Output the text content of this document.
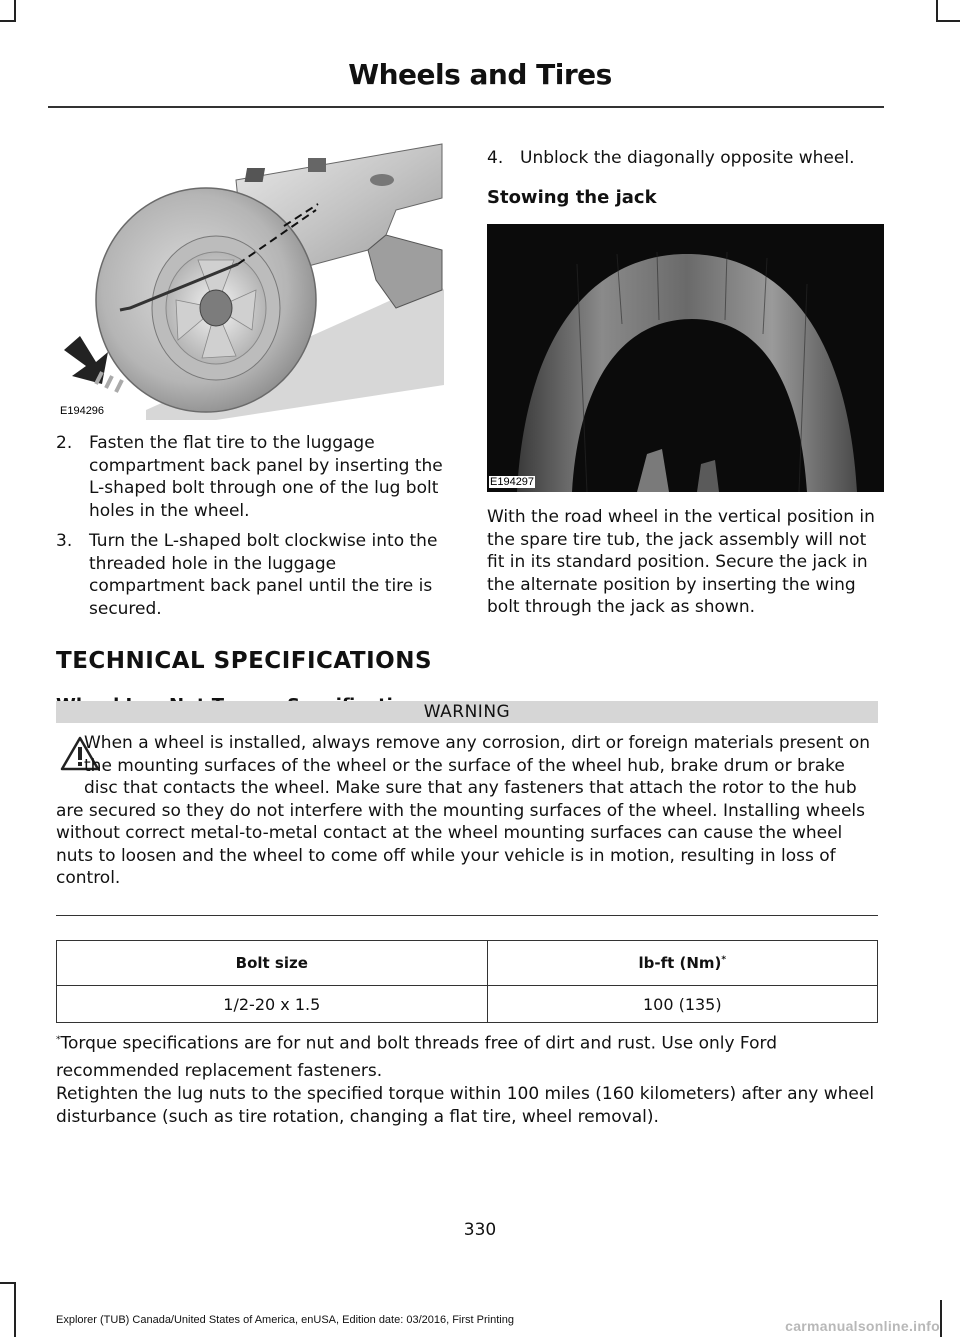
Wheels and Tires
E194296
2. Fasten the flat tire to the luggage compartment back panel by inserting the L-shaped bolt through one of the lug bolt holes in the wheel.
3. Turn the L-shaped bolt clockwise into the threaded hole in the luggage compartment back panel until the tire is secured.
4. Unblock the diagonally opposite wheel.
Stowing the jack
E194297
With the road wheel in the vertical position in the spare tire tub, the jack assembly will not fit in its standard position. Secure the jack in the alternate position by inserting the wing bolt through the jack as shown.
TECHNICAL SPECIFICATIONS
WARNING
When a wheel is installed, always remove any corrosion, dirt or foreign materials present on the mounting surfaces of the wheel or the surface of the wheel hub, brake drum or brake disc that contacts the wheel. Make sure that any fasteners that attach the rotor to the hub are secured so they do not interfere with the mounting surfaces of the wheel. Installing wheels without correct metal-to-metal contact at the wheel mounting surfaces can cause the wheel nuts to loosen and the wheel to come off while your vehicle is in motion, resulting in loss of control.
Bolt size	lb-ft (Nm)*
1/2-20 x 1.5	100 (135)
*Torque specifications are for nut and bolt threads free of dirt and rust. Use only Ford recommended replacement fasteners.
Retighten the lug nuts to the specified torque within 100 miles (160 kilometers) after any wheel disturbance (such as tire rotation, changing a flat tire, wheel removal).
330
Explorer (TUB) Canada/United States of America, enUSA, Edition date: 03/2016, First Printing	carmanualsonline.info
